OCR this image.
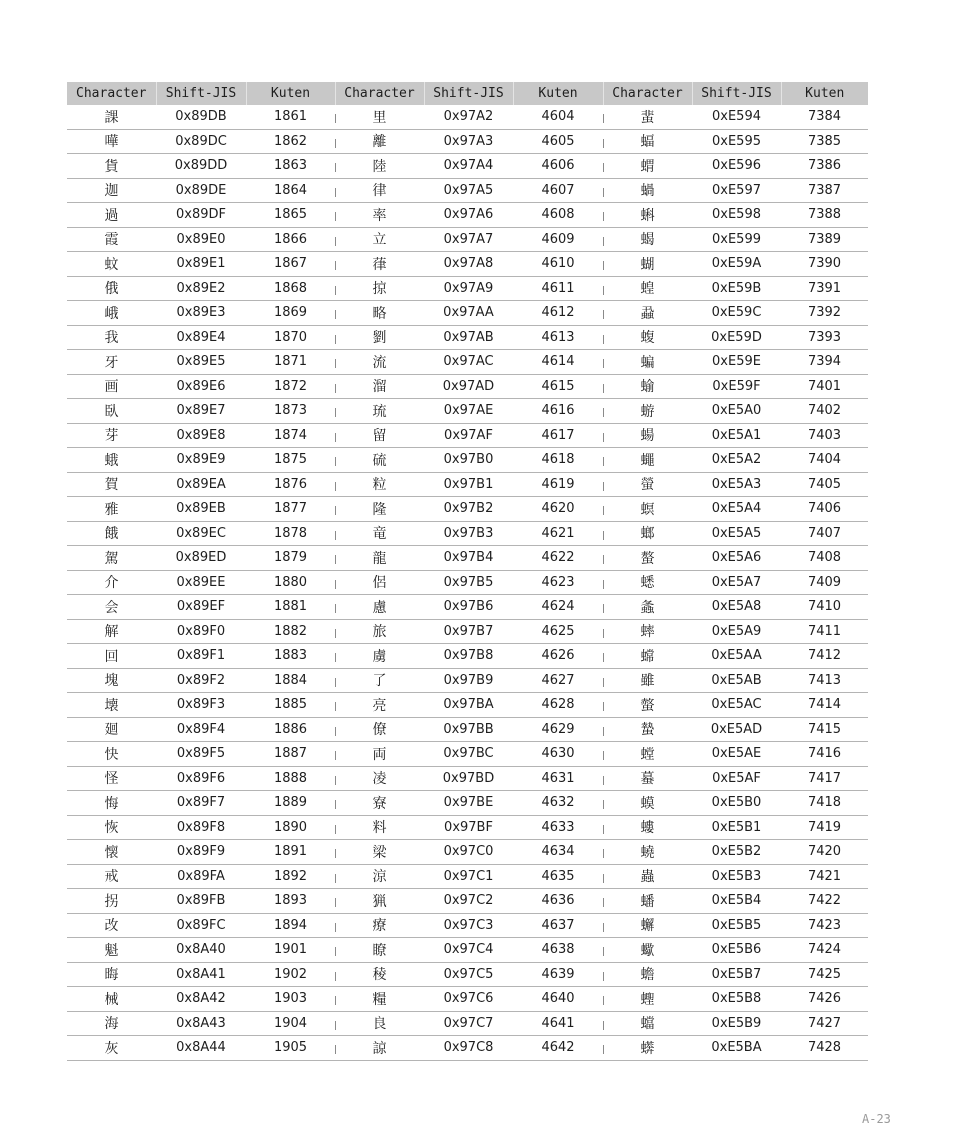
Character	Shift-JIS	Kuten	Character	Shift-JIS	Kuten	Character	Shift-JIS	Kuten
課	0x89DB	1861	里	0x97A2	4604	蜚	0xE594	7384
嘩	0x89DC	1862	離	0x97A3	4605	蝠	0xE595	7385
貨	0x89DD	1863	陸	0x97A4	4606	蝟	0xE596	7386
迦	0x89DE	1864	律	0x97A5	4607	蝸	0xE597	7387
過	0x89DF	1865	率	0x97A6	4608	蝌	0xE598	7388
霞	0x89E0	1866	立	0x97A7	4609	蝎	0xE599	7389
蚊	0x89E1	1867	葎	0x97A8	4610	蝴	0xE59A	7390
俄	0x89E2	1868	掠	0x97A9	4611	蝗	0xE59B	7391
峨	0x89E3	1869	略	0x97AA	4612	蝨	0xE59C	7392
我	0x89E4	1870	劉	0x97AB	4613	蝮	0xE59D	7393
牙	0x89E5	1871	流	0x97AC	4614	蝙	0xE59E	7394
画	0x89E6	1872	溜	0x97AD	4615	蝓	0xE59F	7401
臥	0x89E7	1873	琉	0x97AE	4616	蝣	0xE5A0	7402
芽	0x89E8	1874	留	0x97AF	4617	蝪	0xE5A1	7403
蛾	0x89E9	1875	硫	0x97B0	4618	蠅	0xE5A2	7404
賀	0x89EA	1876	粒	0x97B1	4619	螢	0xE5A3	7405
雅	0x89EB	1877	隆	0x97B2	4620	螟	0xE5A4	7406
餓	0x89EC	1878	竜	0x97B3	4621	螂	0xE5A5	7407
駕	0x89ED	1879	龍	0x97B4	4622	螯	0xE5A6	7408
介	0x89EE	1880	侶	0x97B5	4623	蟋	0xE5A7	7409
会	0x89EF	1881	慮	0x97B6	4624	螽	0xE5A8	7410
解	0x89F0	1882	旅	0x97B7	4625	蟀	0xE5A9	7411
回	0x89F1	1883	虜	0x97B8	4626	蟐	0xE5AA	7412
塊	0x89F2	1884	了	0x97B9	4627	雖	0xE5AB	7413
壊	0x89F3	1885	亮	0x97BA	4628	螫	0xE5AC	7414
廻	0x89F4	1886	僚	0x97BB	4629	蟄	0xE5AD	7415
快	0x89F5	1887	両	0x97BC	4630	螳	0xE5AE	7416
怪	0x89F6	1888	凌	0x97BD	4631	蟇	0xE5AF	7417
悔	0x89F7	1889	寮	0x97BE	4632	蟆	0xE5B0	7418
恢	0x89F8	1890	料	0x97BF	4633	螻	0xE5B1	7419
懐	0x89F9	1891	梁	0x97C0	4634	蟯	0xE5B2	7420
戒	0x89FA	1892	涼	0x97C1	4635	蟲	0xE5B3	7421
拐	0x89FB	1893	猟	0x97C2	4636	蟠	0xE5B4	7422
改	0x89FC	1894	療	0x97C3	4637	蠏	0xE5B5	7423
魁	0x8A40	1901	瞭	0x97C4	4638	蠍	0xE5B6	7424
晦	0x8A41	1902	稜	0x97C5	4639	蟾	0xE5B7	7425
械	0x8A42	1903	糧	0x97C6	4640	蟶	0xE5B8	7426
海	0x8A43	1904	良	0x97C7	4641	蟷	0xE5B9	7427
灰	0x8A44	1905	諒	0x97C8	4642	蠎	0xE5BA	7428
A-23
